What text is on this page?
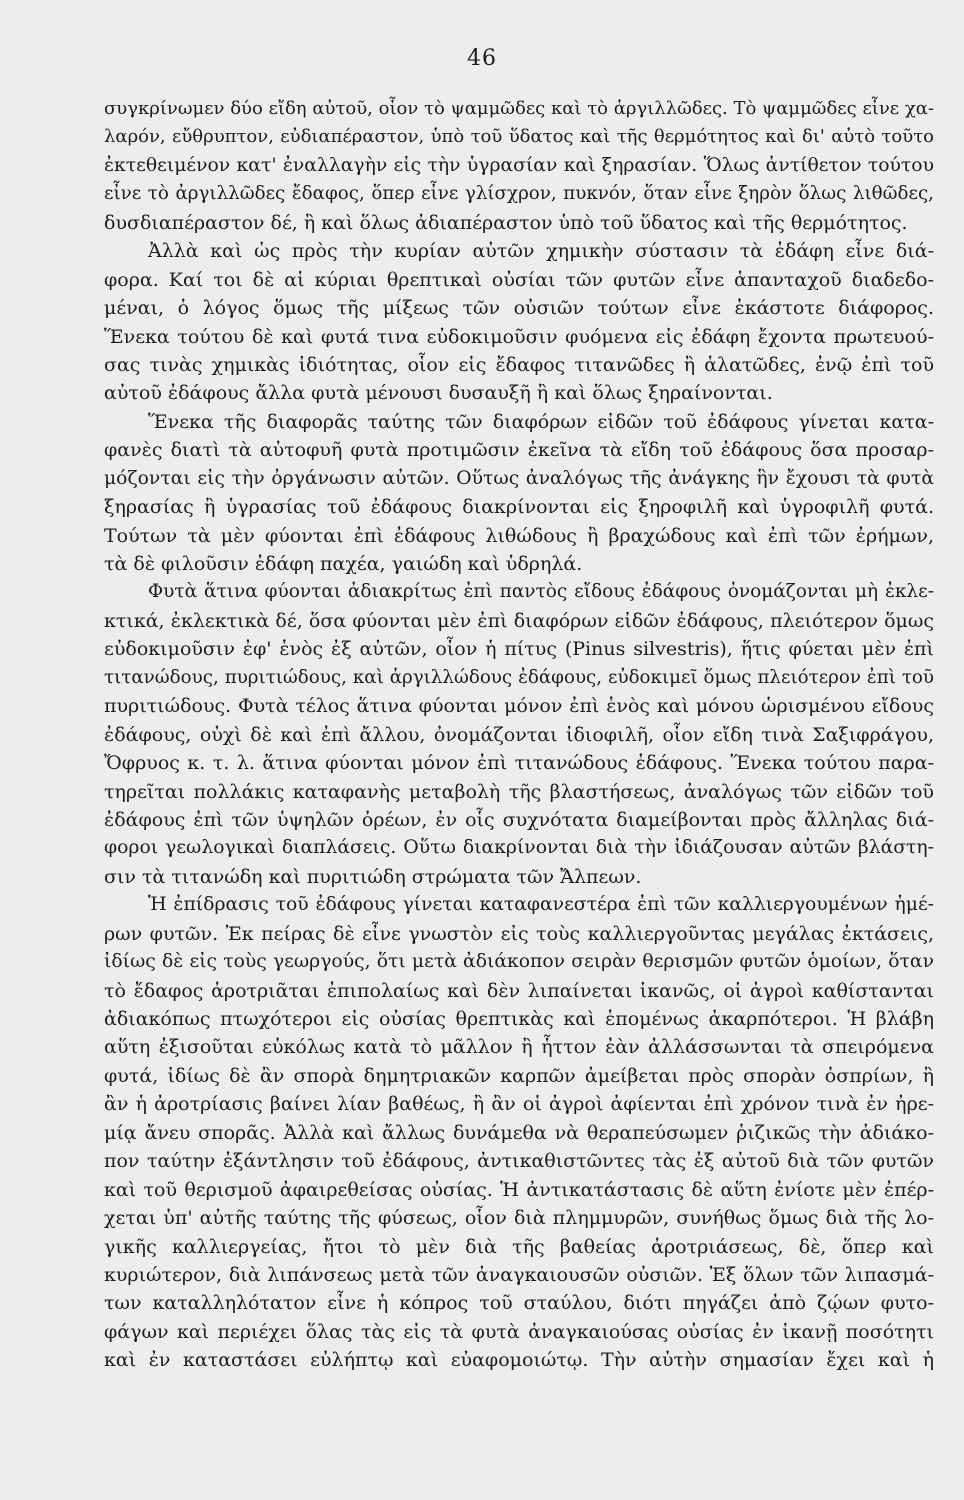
46
συγκρίνωμεν δύο εἴδη αὐτοῦ, οἷον τὸ ψαμμῶδες καὶ τὸ ἀργιλλῶδες. Τὸ ψαμμῶδες εἶνε χα-
λαρόν, εὔθρυπτον, εὐδιαπέραστον, ὑπὸ τοῦ ὕδατος καὶ τῆς θερμότητος καὶ δι' αὐτὸ τοῦτο
ἐκτεθειμένον κατ' ἐναλλαγὴν εἰς τὴν ὑγρασίαν καὶ ξηρασίαν. Ὅλως ἀντίθετον τούτου
εἶνε τὸ ἀργιλλῶδες ἔδαφος, ὅπερ εἶνε γλίσχρον, πυκνόν, ὅταν εἶνε ξηρὸν ὅλως λιθῶδες,
δυσδιαπέραστον δέ, ἢ καὶ ὅλως ἀδιαπέραστον ὑπὸ τοῦ ὕδατος καὶ τῆς θερμότητος.
Ἀλλὰ καὶ ὡς πρὸς τὴν κυρίαν αὐτῶν χημικὴν σύστασιν τὰ ἐδάφη εἶνε διά-
φορα. Καί τοι δὲ αἱ κύριαι θρεπτικαὶ οὐσίαι τῶν φυτῶν εἶνε ἁπανταχοῦ διαδεδο-
μέναι, ὁ λόγος ὅμως τῆς μίξεως τῶν οὐσιῶν τούτων εἶνε ἑκάστοτε διάφορος.
Ἕνεκα τούτου δὲ καὶ φυτά τινα εὐδοκιμοῦσιν φυόμενα εἰς ἐδάφη ἔχοντα πρωτευού-
σας τινὰς χημικὰς ἰδιότητας, οἷον εἰς ἔδαφος τιτανῶδες ἢ ἁλατῶδες, ἐνῷ ἐπὶ τοῦ
αὐτοῦ ἐδάφους ἄλλα φυτὰ μένουσι δυσαυξῆ ἢ καὶ ὅλως ξηραίνονται.
Ἕνεκα τῆς διαφορᾶς ταύτης τῶν διαφόρων εἰδῶν τοῦ ἐδάφους γίνεται κατα-
φανὲς διατὶ τὰ αὐτοφυῆ φυτὰ προτιμῶσιν ἐκεῖνα τὰ εἴδη τοῦ ἐδάφους ὅσα προσαρ-
μόζονται εἰς τὴν ὀργάνωσιν αὐτῶν. Οὕτως ἀναλόγως τῆς ἀνάγκης ἣν ἔχουσι τὰ φυτὰ
ξηρασίας ἢ ὑγρασίας τοῦ ἐδάφους διακρίνονται εἰς ξηροφιλῆ καὶ ὑγροφιλῆ φυτά.
Τούτων τὰ μὲν φύονται ἐπὶ ἐδάφους λιθώδους ἢ βραχώδους καὶ ἐπὶ τῶν ἐρήμων,
τὰ δὲ φιλοῦσιν ἐδάφη παχέα, γαιώδη καὶ ὑδρηλά.
Φυτὰ ἅτινα φύονται ἀδιακρίτως ἐπὶ παντὸς εἴδους ἐδάφους ὀνομάζονται μὴ ἐκλε-
κτικά, ἐκλεκτικὰ δέ, ὅσα φύονται μὲν ἐπὶ διαφόρων εἰδῶν ἐδάφους, πλειότερον ὅμως
εὐδοκιμοῦσιν ἐφ' ἑνὸς ἐξ αὐτῶν, οἷον ἡ πίτυς (Pinus silvestris), ἥτις φύεται μὲν ἐπὶ
τιτανώδους, πυριτιώδους, καὶ ἀργιλλώδους ἐδάφους, εὐδοκιμεῖ ὅμως πλειότερον ἐπὶ τοῦ
πυριτιώδους. Φυτὰ τέλος ἅτινα φύονται μόνον ἐπὶ ἑνὸς καὶ μόνου ὡρισμένου εἴδους
ἐδάφους, οὐχὶ δὲ καὶ ἐπὶ ἄλλου, ὀνομάζονται ἰδιοφιλῆ, οἷον εἴδη τινὰ Σαξιφράγου,
Ὄφρυος κ. τ. λ. ἅτινα φύονται μόνον ἐπὶ τιτανώδους ἐδάφους. Ἕνεκα τούτου παρα-
τηρεῖται πολλάκις καταφανὴς μεταβολὴ τῆς βλαστήσεως, ἀναλόγως τῶν εἰδῶν τοῦ
ἐδάφους ἐπὶ τῶν ὑψηλῶν ὀρέων, ἐν οἷς συχνότατα διαμείβονται πρὸς ἄλληλας διά-
φοροι γεωλογικαὶ διαπλάσεις. Οὕτω διακρίνονται διὰ τὴν ἰδιάζουσαν αὐτῶν βλάστη-
σιν τὰ τιτανώδη καὶ πυριτιώδη στρώματα τῶν Ἄλπεων.
Ἡ ἐπίδρασις τοῦ ἐδάφους γίνεται καταφανεστέρα ἐπὶ τῶν καλλιεργουμένων ἡμέ-
ρων φυτῶν. Ἐκ πείρας δὲ εἶνε γνωστὸν εἰς τοὺς καλλιεργοῦντας μεγάλας ἐκτάσεις,
ἰδίως δὲ εἰς τοὺς γεωργούς, ὅτι μετὰ ἀδιάκοπον σειρὰν θερισμῶν φυτῶν ὁμοίων, ὅταν
τὸ ἔδαφος ἀροτριᾶται ἐπιπολαίως καὶ δὲν λιπαίνεται ἱκανῶς, οἱ ἀγροὶ καθίστανται
ἀδιακόπως πτωχότεροι εἰς οὐσίας θρεπτικὰς καὶ ἑπομένως ἀκαρπότεροι. Ἡ βλάβη
αὕτη ἐξισοῦται εὐκόλως κατὰ τὸ μᾶλλον ἢ ἧττον ἐὰν ἀλλάσσωνται τὰ σπειρόμενα
φυτά, ἰδίως δὲ ἂν σπορὰ δημητριακῶν καρπῶν ἀμείβεται πρὸς σπορὰν ὀσπρίων, ἢ
ἂν ἡ ἀροτρίασις βαίνει λίαν βαθέως, ἢ ἂν οἱ ἀγροὶ ἀφίενται ἐπὶ χρόνον τινὰ ἐν ἠρε-
μίᾳ ἄνευ σπορᾶς. Ἀλλὰ καὶ ἄλλως δυνάμεθα νὰ θεραπεύσωμεν ῥιζικῶς τὴν ἀδιάκο-
πον ταύτην ἐξάντλησιν τοῦ ἐδάφους, ἀντικαθιστῶντες τὰς ἐξ αὐτοῦ διὰ τῶν φυτῶν
καὶ τοῦ θερισμοῦ ἀφαιρεθείσας οὐσίας. Ἡ ἀντικατάστασις δὲ αὕτη ἐνίοτε μὲν ἐπέρ-
χεται ὑπ' αὐτῆς ταύτης τῆς φύσεως, οἷον διὰ πλημμυρῶν, συνήθως ὅμως διὰ τῆς λο-
γικῆς καλλιεργείας, ἤτοι τὸ μὲν διὰ τῆς βαθείας ἀροτριάσεως, δὲ, ὅπερ καὶ
κυριώτερον, διὰ λιπάνσεως μετὰ τῶν ἀναγκαιουσῶν οὐσιῶν. Ἐξ ὅλων τῶν λιπασμά-
των καταλληλότατον εἶνε ἡ κόπρος τοῦ σταύλου, διότι πηγάζει ἀπὸ ζῴων φυτο-
φάγων καὶ περιέχει ὅλας τὰς εἰς τὰ φυτὰ ἀναγκαιούσας οὐσίας ἐν ἱκανῇ ποσότητι
καὶ ἐν καταστάσει εὐλήπτῳ καὶ εὐαφομοιώτῳ. Τὴν αὐτὴν σημασίαν ἔχει καὶ ἡ
